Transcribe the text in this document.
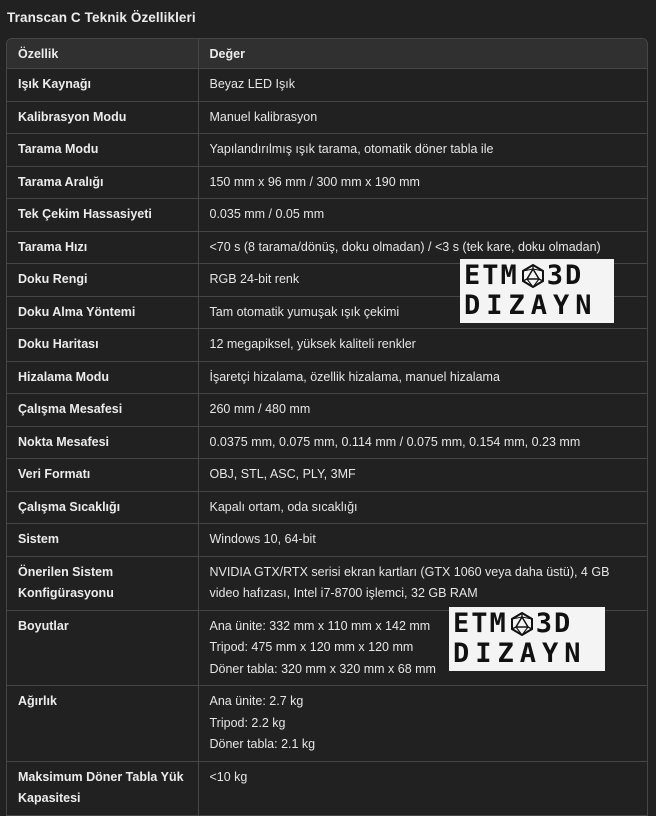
Transcan C Teknik Özellikleri
Özellik	Değer
Işık Kaynağı	Beyaz LED Işık

Kalibrasyon Modu	Manuel kalibrasyon

Tarama Modu	Yapılandırılmış ışık tarama, otomatik döner tabla ile

Tarama Aralığı	150 mm x 96 mm / 300 mm x 190 mm

Tek Çekim Hassasiyeti	0.035 mm / 0.05 mm

Tarama Hızı	<70 s (8 tarama/dönüş, doku olmadan) / <3 s (tek kare, doku olmadan)

Doku Rengi	RGB 24-bit renk

Doku Alma Yöntemi	Tam otomatik yumuşak ışık çekimi

Doku Haritası	12 megapiksel, yüksek kaliteli renkler

Hizalama Modu	İşaretçi hizalama, özellik hizalama, manuel hizalama

Çalışma Mesafesi	260 mm / 480 mm

Nokta Mesafesi	0.0375 mm, 0.075 mm, 0.114 mm / 0.075 mm, 0.154 mm, 0.23 mm

Veri Formatı	OBJ, STL, ASC, PLY, 3MF

Çalışma Sıcaklığı	Kapalı ortam, oda sıcaklığı

Sistem	Windows 10, 64-bit

Önerilen Sistem Konfigürasyonu	NVIDIA GTX/RTX serisi ekran kartları (GTX 1060 veya daha üstü), 4 GB video hafızası, Intel i7-8700 işlemci, 32 GB RAM

Boyutlar	Ana ünite: 332 mm x 110 mm x 142 mm
Tripod: 475 mm x 120 mm x 120 mm
Döner tabla: 320 mm x 320 mm x 68 mm

Ağırlık	Ana ünite: 2.7 kg
Tripod: 2.2 kg
Döner tabla: 2.1 kg

Maksimum Döner Tabla Yük Kapasitesi	<10 kg
ETM 3D
DIZAYN
ETM 3D
DIZAYN
